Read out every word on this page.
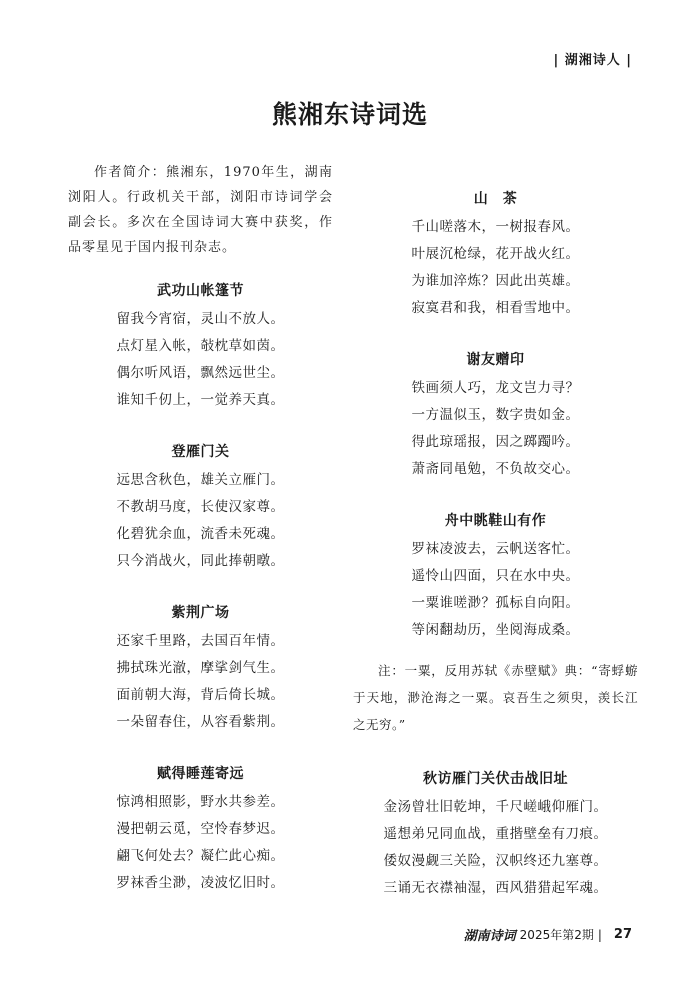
| 湖湘诗人 |
熊湘东诗词选

作者简介：熊湘东，1970年生，湖南浏阳人。行政机关干部，浏阳市诗词学会副会长。多次在全国诗词大赛中获奖，作品零星见于国内报刊杂志。

武功山帐篷节
留我今宵宿，灵山不放人。
点灯星入帐，敧枕草如茵。
偶尔听风语，飘然远世尘。
谁知千仞上，一觉养天真。
登雁门关
远思含秋色，雄关立雁门。
不教胡马度，长使汉家尊。
化碧犹余血，流香未死魂。
只今消战火，同此捧朝暾。
紫荆广场
还家千里路，去国百年情。
拂拭珠光澈，摩挲剑气生。
面前朝大海，背后倚长城。
一朵留春住，从容看紫荆。
赋得睡莲寄远
惊鸿相照影，野水共参差。
漫把朝云觅，空怜春梦迟。
翩飞何处去？凝伫此心痴。
罗袜香尘渺，凌波忆旧时。
山　茶
千山嗟落木，一树报春风。
叶展沉枪绿，花开战火红。
为谁加淬炼？因此出英雄。
寂寞君和我，相看雪地中。
谢友赠印
铁画须人巧，龙文岂力寻？
一方温似玉，数字贵如金。
得此琼瑶报，因之踯躅吟。
萧斋同黾勉，不负故交心。
舟中眺鞋山有作
罗袜凌波去，云帆送客忙。
遥怜山四面，只在水中央。
一粟谁嗟渺？孤标自向阳。
等闲翻劫历，坐阅海成桑。

注：一粟，反用苏轼《赤壁赋》典：“寄蜉蝣于天地，渺沧海之一粟。哀吾生之须臾，羡长江之无穷。”

秋访雁门关伏击战旧址
金汤曾壮旧乾坤，千尺嵯峨仰雁门。
遥想弟兄同血战，重揩壁垒有刀痕。
倭奴漫觑三关险，汉帜终还九塞尊。
三诵无衣襟袖湿，西风猎猎起军魂。
湖南诗词 2025年第2期 | 27
